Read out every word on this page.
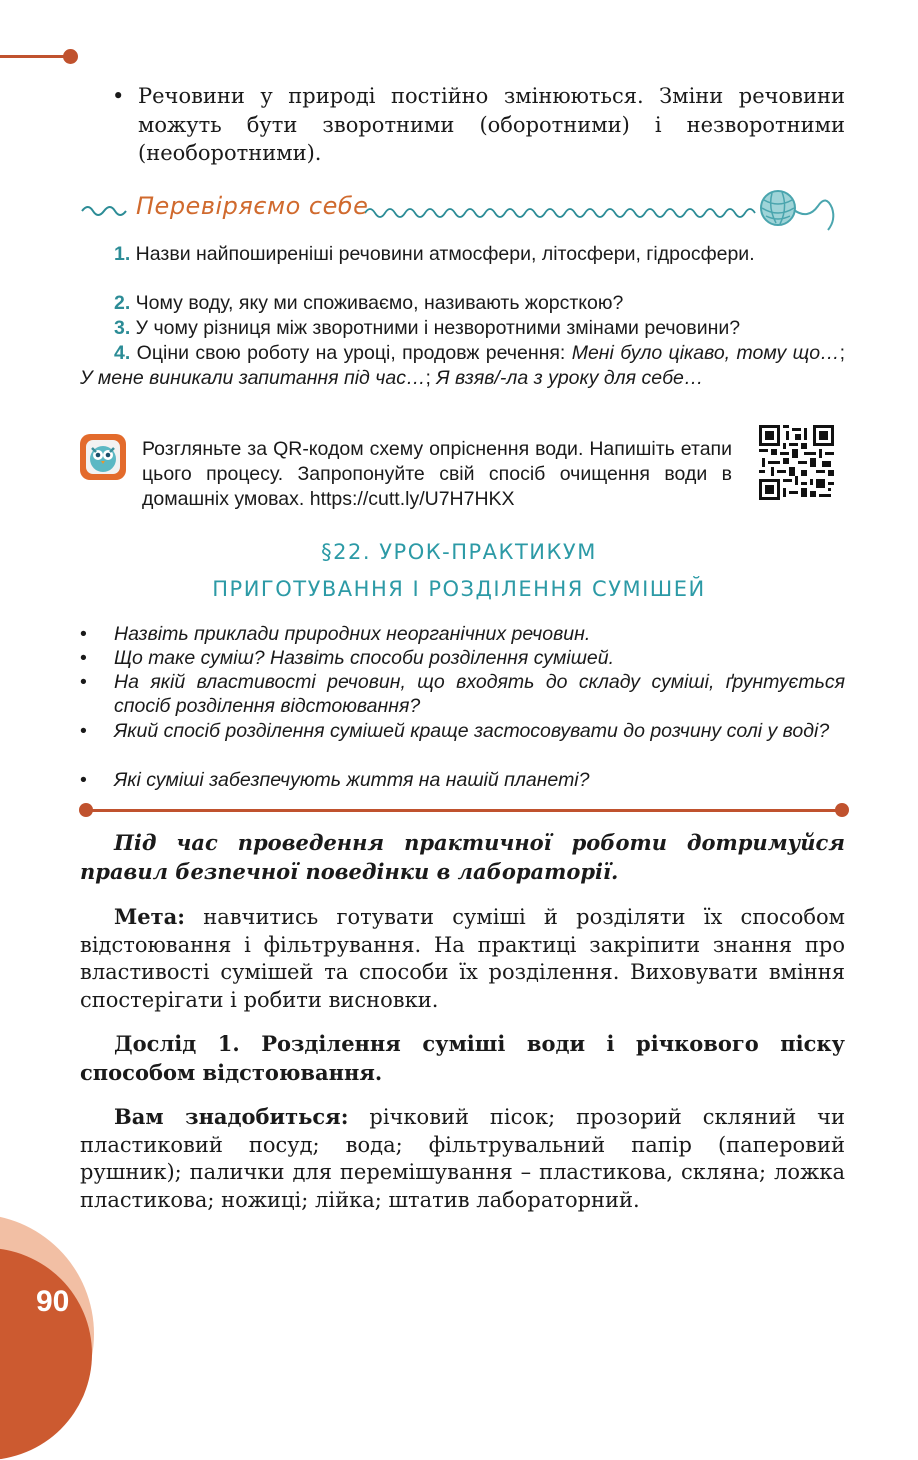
• Речовини у природі постійно змінюються. Зміни речовини можуть бути зворотними (оборотними) і незворотними (необоротними).
Перевіряємо себе
1. Назви найпоширеніші речовини атмосфери, літосфери, гідросфери.
2. Чому воду, яку ми споживаємо, називають жорсткою?
3. У чому різниця між зворотними і незворотними змінами речовини?
4. Оціни свою роботу на уроці, продовж речення: Мені було цікаво, тому що…; У мене виникали запитання під час…; Я взяв/-ла з уроку для себе…
Розгляньте за QR-кодом схему опріснення води. Напишіть етапи цього процесу. Запропонуйте свій спосіб очищення води в домашніх умовах. https://cutt.ly/U7H7HKX
§22. УРОК-ПРАКТИКУМ
ПРИГОТУВАННЯ І РОЗДІЛЕННЯ СУМІШЕЙ
• Назвіть приклади природних неорганічних речовин.
• Що таке суміш? Назвіть способи розділення сумішей.
• На якій властивості речовин, що входять до складу суміші, ґрунтується спосіб розділення відстоювання?
• Який спосіб розділення сумішей краще застосовувати до розчину солі у воді?
• Які суміші забезпечують життя на нашій планеті?
Під час проведення практичної роботи дотримуйся правил безпечної поведінки в лабораторії.
Мета: навчитись готувати суміші й розділяти їх способом відстоювання і фільтрування. На практиці закріпити знання про властивості сумішей та способи їх розділення. Виховувати вміння спостерігати і робити висновки.
Дослід 1. Розділення суміші води і річкового піску способом відстоювання.
Вам знадобиться: річковий пісок; прозорий скляний чи пластиковий посуд; вода; фільтрувальний папір (паперовий рушник); палички для перемішування – пластикова, скляна; ложка пластикова; ножиці; лійка; штатив лабораторний.
90
